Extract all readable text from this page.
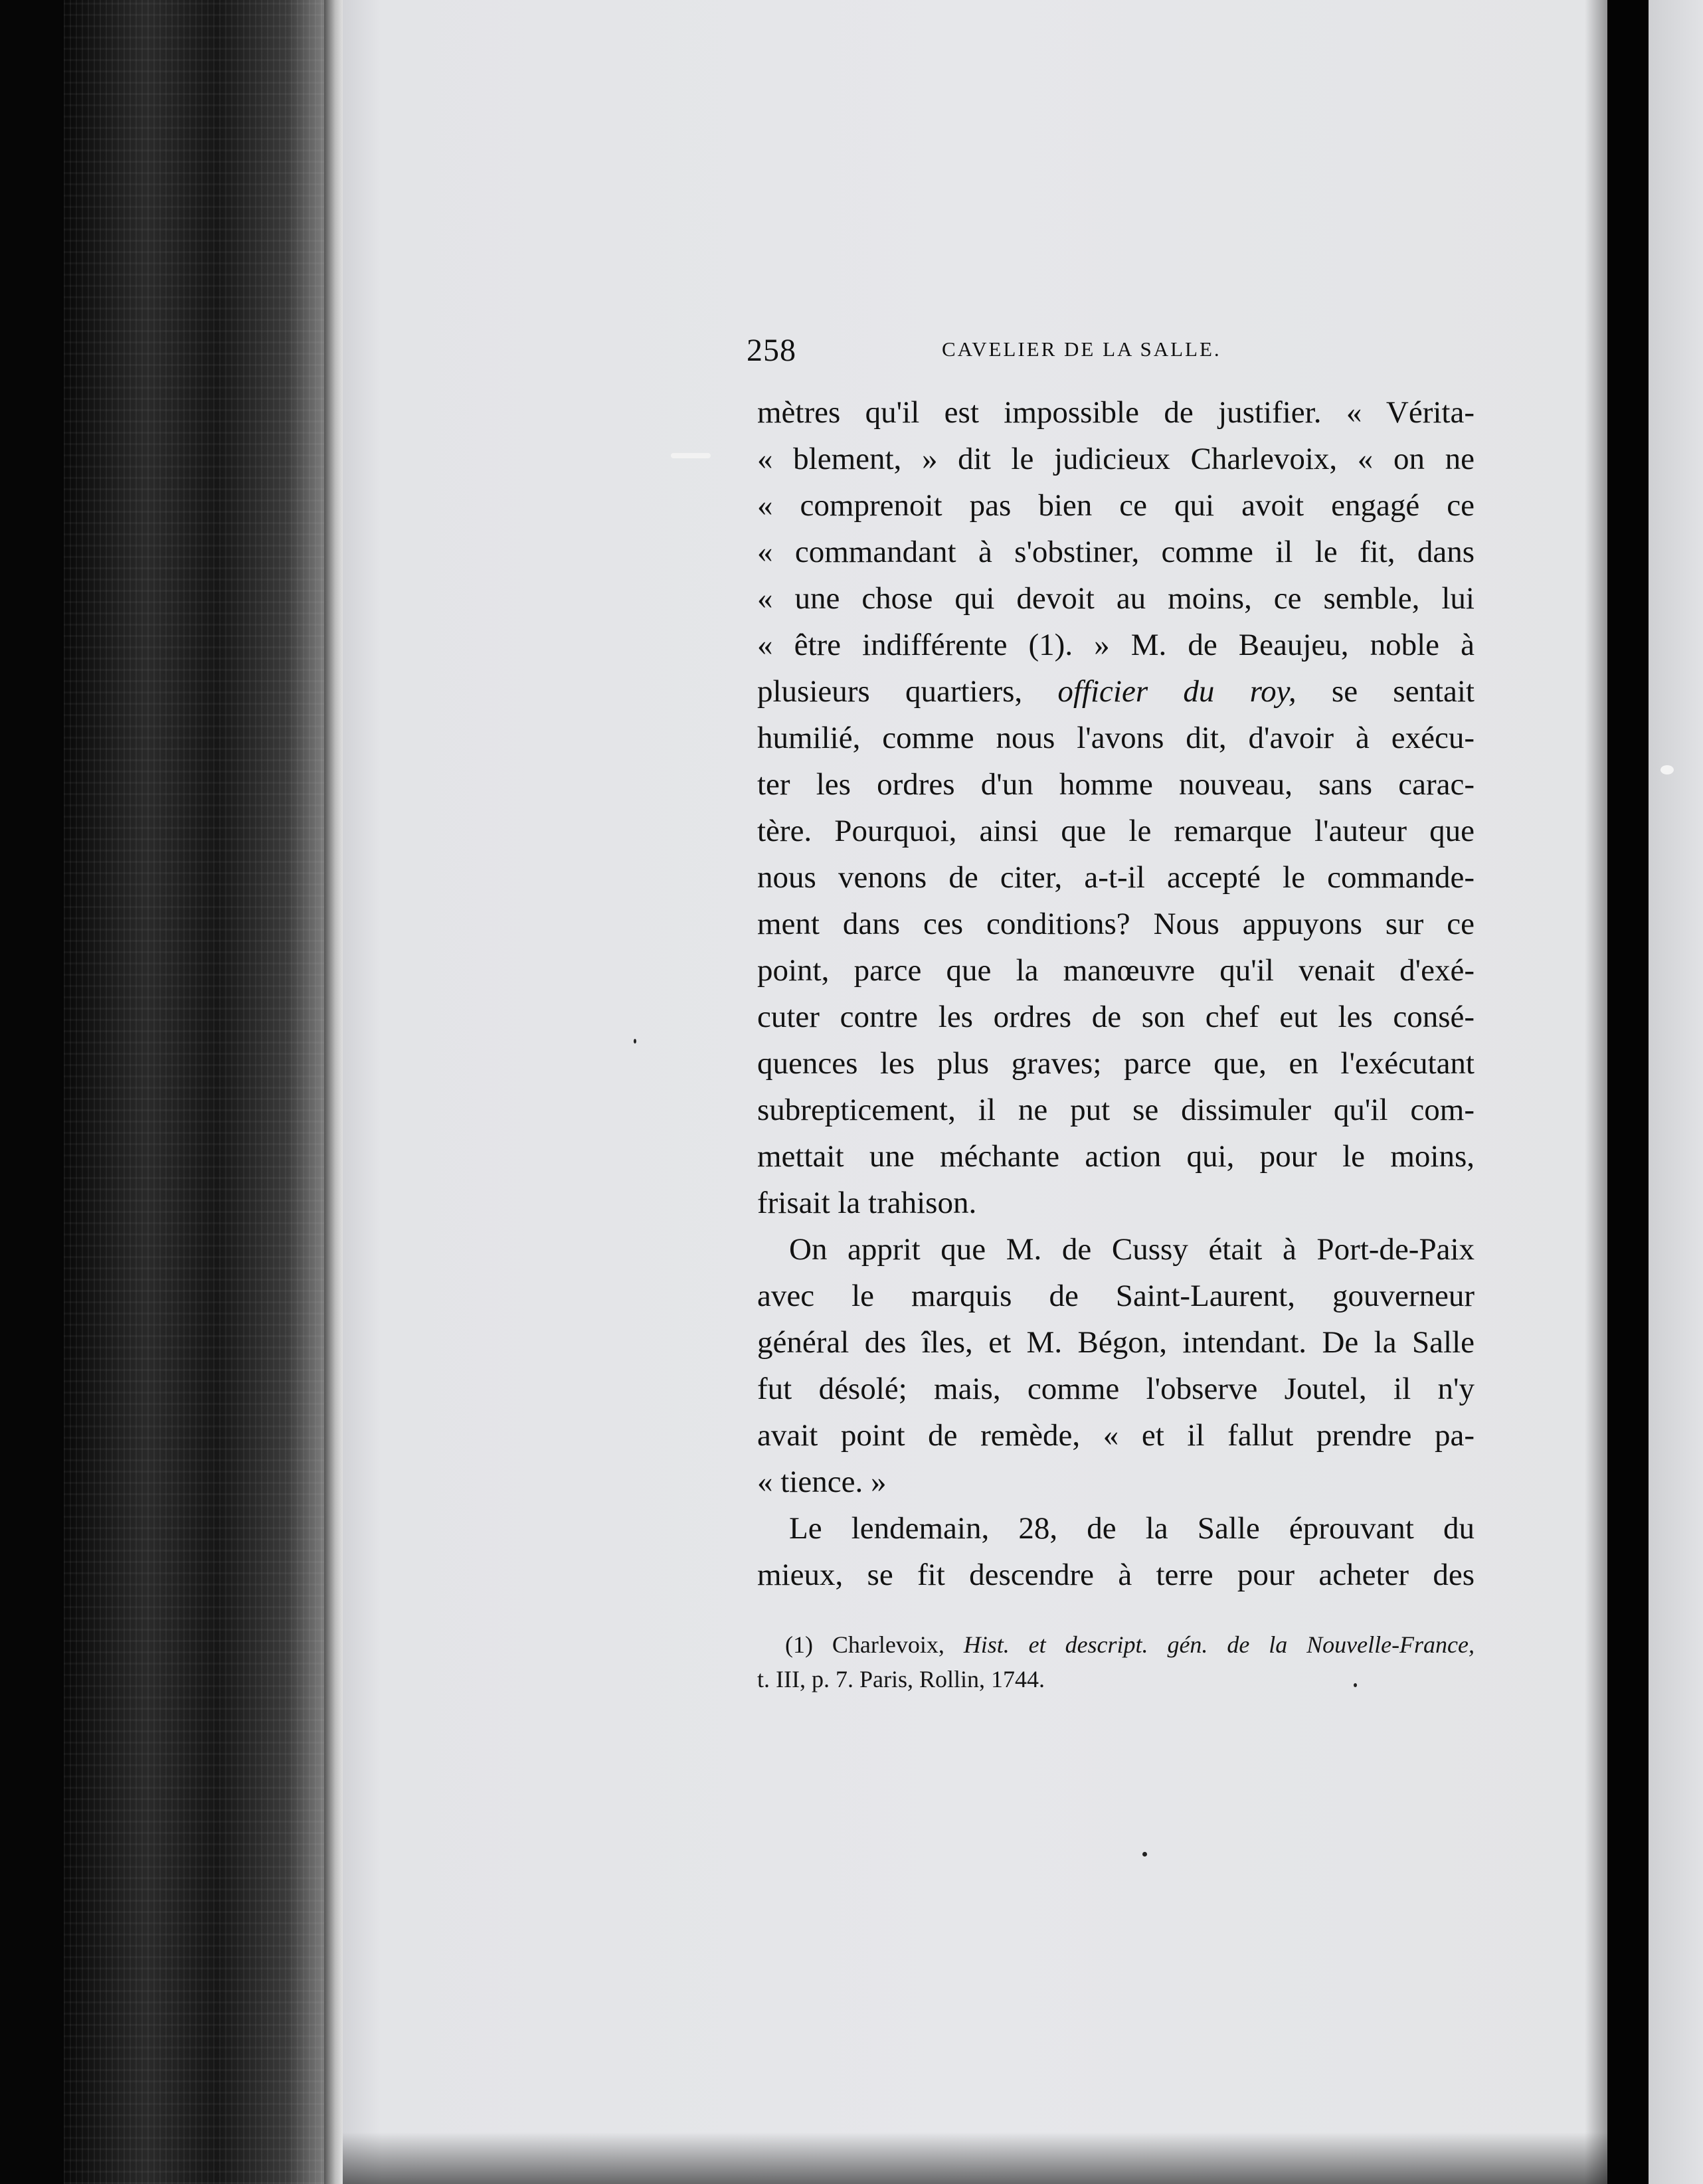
258	CAVELIER DE LA SALLE.
mètres qu'il est impossible de justifier. « Vérita-
« blement, » dit le judicieux Charlevoix, « on ne
« comprenoit pas bien ce qui avoit engagé ce
« commandant à s'obstiner, comme il le fit, dans
« une chose qui devoit au moins, ce semble, lui
« être indifférente (1). » M. de Beaujeu, noble à
plusieurs quartiers, officier du roy, se sentait
humilié, comme nous l'avons dit, d'avoir à exécu-
ter les ordres d'un homme nouveau, sans carac-
tère. Pourquoi, ainsi que le remarque l'auteur que
nous venons de citer, a-t-il accepté le commande-
ment dans ces conditions? Nous appuyons sur ce
point, parce que la manœuvre qu'il venait d'exé-
cuter contre les ordres de son chef eut les consé-
quences les plus graves; parce que, en l'exécutant
subrepticement, il ne put se dissimuler qu'il com-
mettait une méchante action qui, pour le moins,
frisait la trahison.
On apprit que M. de Cussy était à Port-de-Paix
avec le marquis de Saint-Laurent, gouverneur
général des îles, et M. Bégon, intendant. De la Salle
fut désolé; mais, comme l'observe Joutel, il n'y
avait point de remède, « et il fallut prendre pa-
« tience. »
Le lendemain, 28, de la Salle éprouvant du
mieux, se fit descendre à terre pour acheter des
(1) Charlevoix, Hist. et descript. gén. de la Nouvelle-France,
t. III, p. 7. Paris, Rollin, 1744.
